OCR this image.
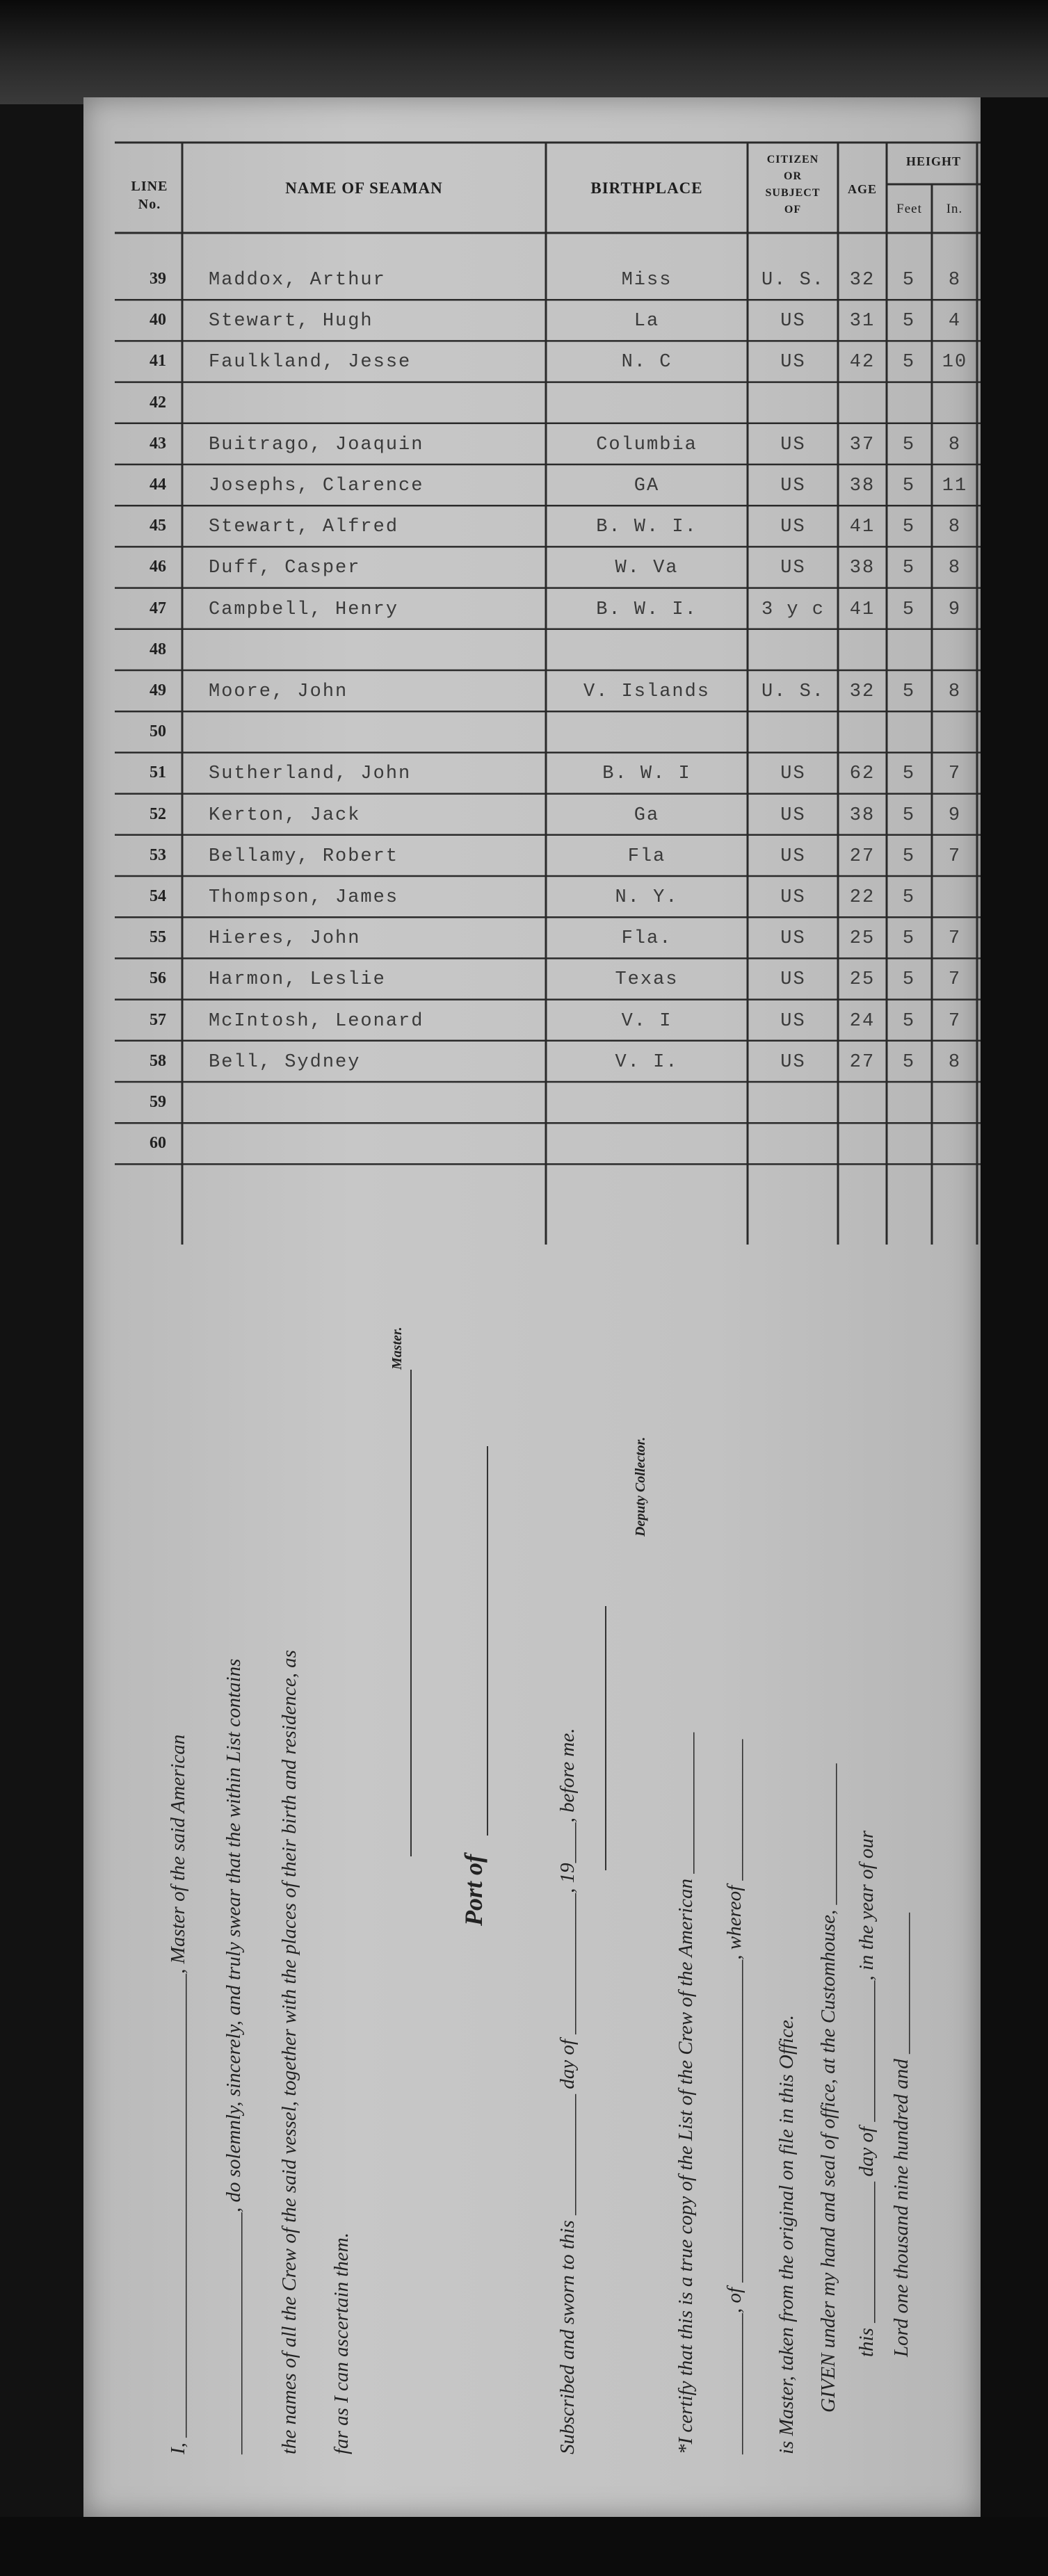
LINE No.
NAME OF SEAMAN	BIRTHPLACE
CITIZEN
OR
SUBJECT
OF
AGE
HEIGHT
Feet	In.
39	Maddox, Arthur	Miss	U. S.	32	5	8
40	Stewart, Hugh	La	US	31	5	4
41	Faulkland, Jesse	N. C	US	42	5	10
42
43	Buitrago, Joaquin	Columbia	US	37	5	8
44	Josephs, Clarence	GA	US	38	5	11
45	Stewart, Alfred	B. W. I.	US	41	5	8
46	Duff, Casper	W. Va	US	38	5	8
47	Campbell, Henry	B. W. I.	3 y c	41	5	9
48
49	Moore, John	V. Islands	U. S.	32	5	8
50
51	Sutherland, John	B. W. I	US	62	5	7
52	Kerton, Jack	Ga	US	38	5	9
53	Bellamy, Robert	Fla	US	27	5	7
54	Thompson, James	N. Y.	US	22	5
55	Hieres, John	Fla.	US	25	5	7
56	Harmon, Leslie	Texas	US	25	5	7
57	McIntosh, Leonard	V. I	US	24	5	7
58	Bell, Sydney	V. I.	US	27	5	8
59
60
I, ______________________________________________, Master of the said American ________________________, do solemnly, sincerely, and truly swear that the within List contains the names of all the Crew of the said vessel, together with the places of their birth and residence, as far as I can ascertain them.
Master.
Port of	Subscribed and sworn to this ____________ day of ______________, 19____, before me.
Deputy Collector.
*I certify that this is a true copy of the List of the Crew of the American ______________ ______________, of ________________________________, whereof ______________ is Master, taken from the original on file in this Office. GIVEN under my hand and seal of office, at the Customhouse, ______________ this ______________ day of ______________, in the year of our Lord one thousand nine hundred and ______________
